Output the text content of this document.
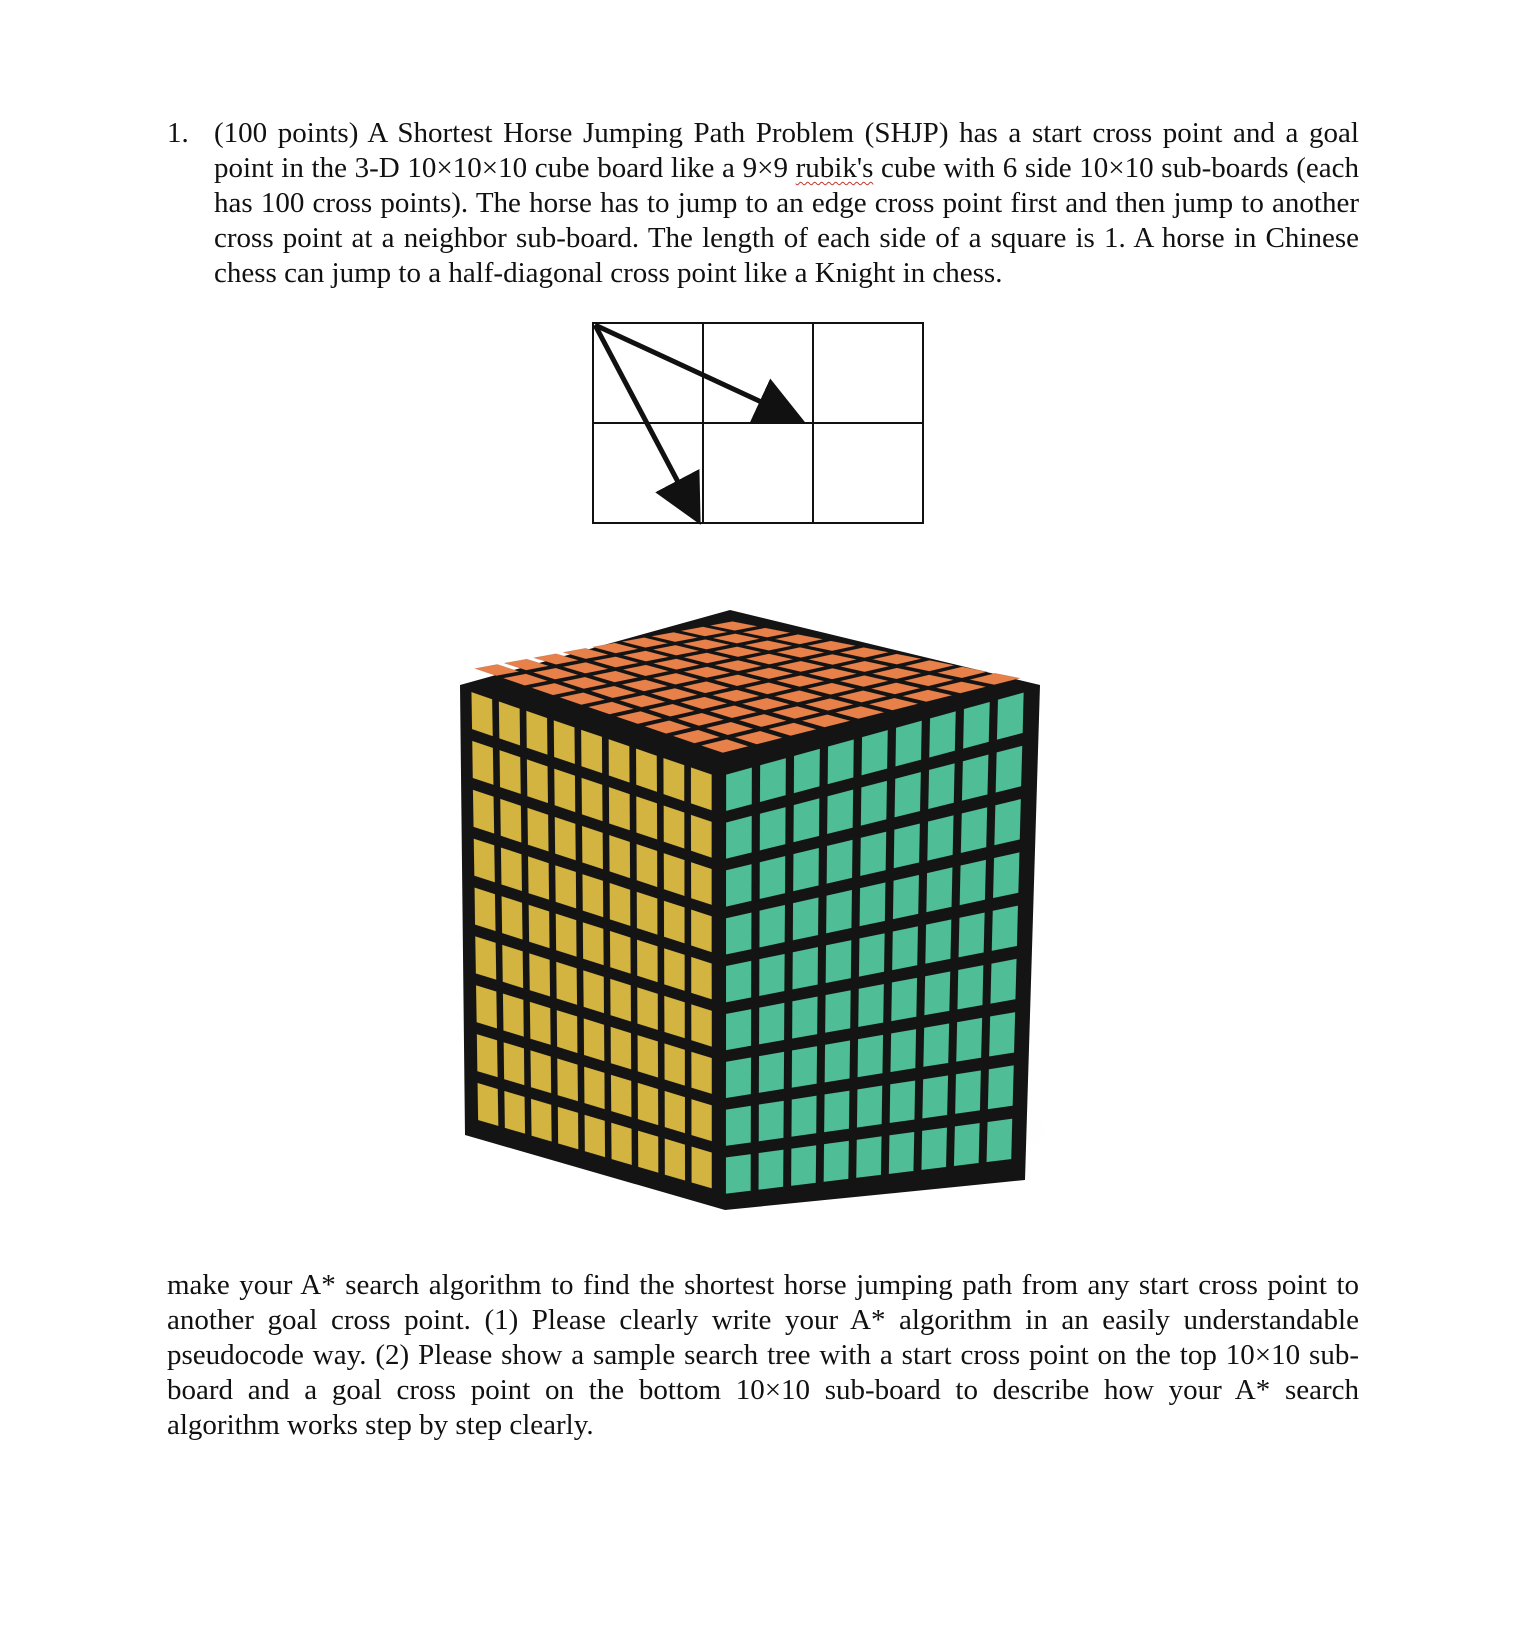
1. (100 points) A Shortest Horse Jumping Path Problem (SHJP) has a start cross point and a goal point in the 3-D 10×10×10 cube board like a 9×9 rubik's cube with 6 side 10×10 sub-boards (each has 100 cross points). The horse has to jump to an edge cross point first and then jump to another cross point at a neighbor sub-board. The length of each side of a square is 1. A horse in Chinese chess can jump to a half-diagonal cross point like a Knight in chess.

make your A* search algorithm to find the shortest horse jumping path from any start cross point to another goal cross point. (1) Please clearly write your A* algorithm in an easily understandable pseudocode way. (2) Please show a sample search tree with a start cross point on the top 10×10 sub-board and a goal cross point on the bottom 10×10 sub-board to describe how your A* search algorithm works step by step clearly.
